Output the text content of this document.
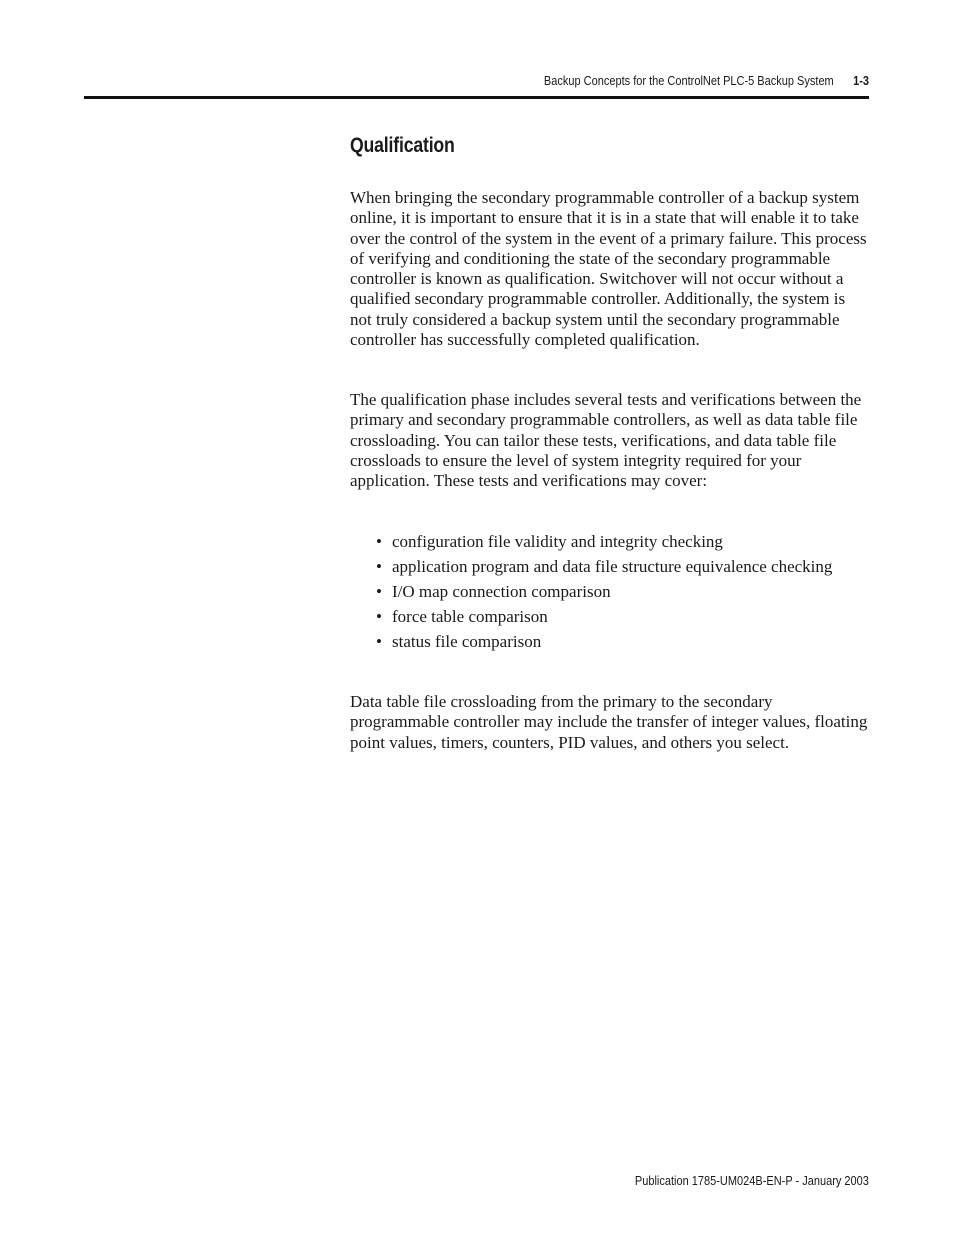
Backup Concepts for the ControlNet PLC-5 Backup System 1-3
Qualification

When bringing the secondary programmable controller of a backup system online, it is important to ensure that it is in a state that will enable it to take over the control of the system in the event of a primary failure. This process of verifying and conditioning the state of the secondary programmable controller is known as qualification. Switchover will not occur without a qualified secondary programmable controller. Additionally, the system is not truly considered a backup system until the secondary programmable controller has successfully completed qualification.

The qualification phase includes several tests and verifications between the primary and secondary programmable controllers, as well as data table file crossloading. You can tailor these tests, verifications, and data table file crossloads to ensure the level of system integrity required for your application. These tests and verifications may cover:

• configuration file validity and integrity checking
• application program and data file structure equivalence checking
• I/O map connection comparison
• force table comparison
• status file comparison

Data table file crossloading from the primary to the secondary programmable controller may include the transfer of integer values, floating point values, timers, counters, PID values, and others you select.

Publication 1785-UM024B-EN-P - January 2003
